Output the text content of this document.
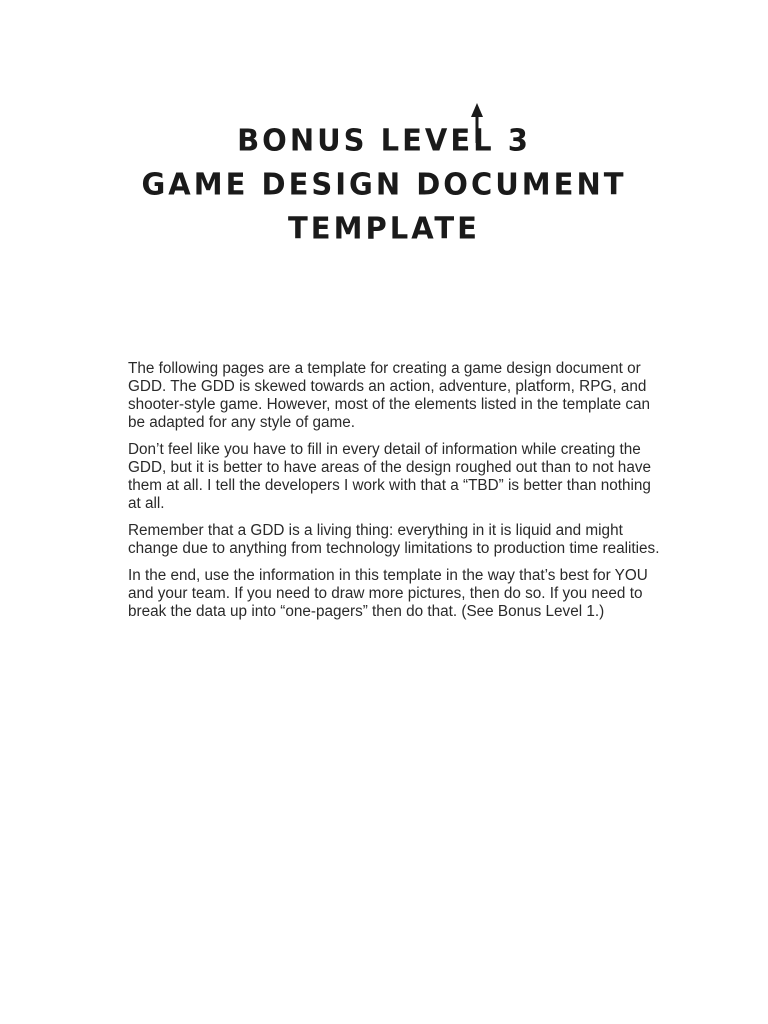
BONUS LEVEL 3
GAME DESIGN DOCUMENT
TEMPLATE

The following pages are a template for creating a game design document or GDD. The GDD is skewed towards an action, adventure, platform, RPG, and shooter-style game. However, most of the elements listed in the template can be adapted for any style of game.

Don’t feel like you have to fill in every detail of information while creating the GDD, but it is better to have areas of the design roughed out than to not have them at all. I tell the developers I work with that a “TBD” is better than nothing at all.

Remember that a GDD is a living thing: everything in it is liquid and might change due to anything from technology limitations to production time realities.

In the end, use the information in this template in the way that’s best for YOU and your team. If you need to draw more pictures, then do so. If you need to break the data up into “one-pagers” then do that. (See Bonus Level 1.)
